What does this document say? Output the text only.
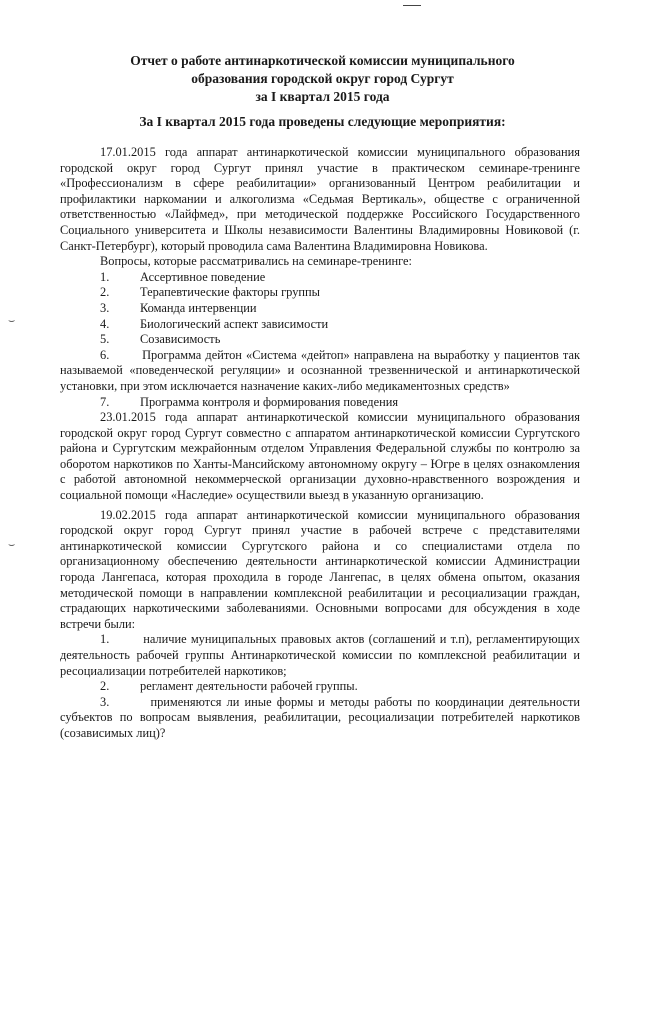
⌣
⌣
Отчет о работе антинаркотической комиссии муниципального
образования городской округ город Сургут
за I квартал 2015 года
За I квартал 2015 года проведены следующие мероприятия:

17.01.2015 года аппарат антинаркотической комиссии муниципального образования городской округ город Сургут принял участие в практическом семинаре-тренинге «Профессионализм в сфере реабилитации» организованный Центром реабилитации и профилактики наркомании и алкоголизма «Седьмая Вертикаль», обществе с ограниченной ответственностью «Лайфмед», при методической поддержке Российского Государственного Социального университета и Школы независимости Валентины Владимировны Новиковой (г. Санкт-Петербург), который проводила сама Валентина Владимировна Новикова.

Вопросы, которые рассматривались на семинаре-тренинге:

1.	Ассертивное поведение
2.	Терапевтические факторы группы
3.	Команда интервенции
4.	Биологический аспект зависимости
5.	Созависимость

6.	Программа дейтон «Система «дейтоп» направлена на выработку у пациентов так называемой «поведенческой регуляции» и осознанной трезвеннической и антинаркотической установки, при этом исключается назначение каких-либо медикаментозных средств»

7.	Программа контроля и формирования поведения

23.01.2015 года аппарат антинаркотической комиссии муниципального образования городской округ город Сургут совместно с аппаратом антинаркотической комиссии Сургутского района и Сургутским межрайонным отделом Управления Федеральной службы по контролю за оборотом наркотиков по Ханты-Мансийскому автономному округу – Югре в целях ознакомления с работой автономной некоммерческой организации духовно-нравственного возрождения и социальной помощи «Наследие» осуществили выезд в указанную организацию.

19.02.2015 года аппарат антинаркотической комиссии муниципального образования городской округ город Сургут принял участие в рабочей встрече с представителями антинаркотической комиссии Сургутского района и со специалистами отдела по организационному обеспечению деятельности антинаркотической комиссии Администрации города Лангепаса, которая проходила в городе Лангепас, в целях обмена опытом, оказания методической помощи в направлении комплексной реабилитации и ресоциализации граждан, страдающих наркотическими заболеваниями. Основными вопросами для обсуждения в ходе встречи были:

1.	наличие муниципальных правовых актов (соглашений и т.п), регламентирующих деятельность рабочей группы Антинаркотической комиссии по комплексной реабилитации и ресоциализации потребителей наркотиков;

2.	регламент деятельности рабочей группы.

3.	применяются ли иные формы и методы работы по координации деятельности субъектов по вопросам выявления, реабилитации, ресоциализации потребителей наркотиков (созависимых лиц)?
